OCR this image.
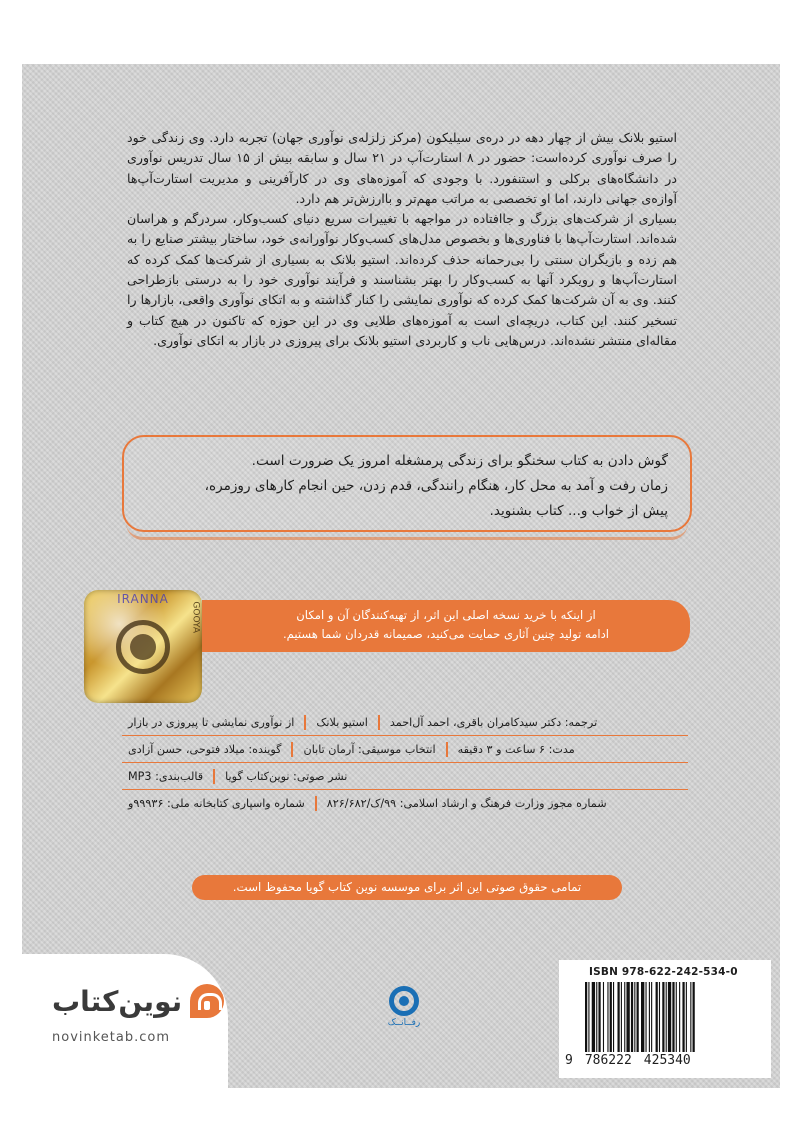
استیو بلانک بیش از چهار دهه در دره‌ی سیلیکون (مرکز زلزله‌ی نوآوری جهان) تجربه دارد. وی زندگی خود را صرف نوآوری کرده‌است: حضور در ۸ استارت‌آپ در ۲۱ سال و سابقه بیش از ۱۵ سال تدریس نوآوری در دانشگاه‌های برکلی و استنفورد. با وجودی که آموزه‌های وی در کارآفرینی و مدیریت استارت‌آپ‌ها آوازه‌ی جهانی دارند، اما او تخصصی به مراتب مهم‌تر و باارزش‌تر هم دارد.

بسیاری از شرکت‌های بزرگ و جاافتاده در مواجهه با تغییرات سریع دنیای کسب‌وکار، سردرگم و هراسان شده‌اند. استارت‌آپ‌ها با فناوری‌ها و بخصوص مدل‌های کسب‌وکار نوآورانه‌ی خود، ساختار بیشتر صنایع را به هم زده و بازیگران سنتی را بی‌رحمانه حذف کرده‌اند. استیو بلانک به بسیاری از شرکت‌ها کمک کرده که استارت‌آپ‌ها و رویکرد آنها به کسب‌وکار را بهتر بشناسند و فرآیند نوآوری خود را به درستی بازطراحی کنند. وی به آن شرکت‌ها کمک کرده که نوآوری نمایشی را کنار گذاشته و به اتکای نوآوری واقعی، بازارها را تسخیر کنند. این کتاب، دریچه‌ای است به آموزه‌های طلایی وی در این حوزه که تاکنون در هیچ کتاب و مقاله‌ای منتشر نشده‌اند. درس‌هایی ناب و کاربردی استیو بلانک برای پیروزی در بازار به اتکای نوآوری.

گوش دادن به کتاب سخنگو برای زندگی پرمشغله امروز یک ضرورت است.
زمان رفت و آمد به محل کار، هنگام رانندگی، قدم زدن، حین انجام کارهای روزمره،
پیش از خواب و... کتاب بشنوید.
IRANNA
GOOYA	از اینکه با خرید نسخه اصلی این اثر، از تهیه‌کنندگان آن و امکان
ادامه تولید چنین آثاری حمایت می‌کنید، صمیمانه قدردان شما هستیم.
از نوآوری نمایشی تا پیروزی در بازار	استیو بلانک	ترجمه: دکتر سیدکامران باقری، احمد آل‌احمد
گوینده: میلاد فتوحی، حسن آزادی	انتخاب موسیقی: آرمان تابان	مدت: ۶ ساعت و ۳ دقیقه
قالب‌بندی: MP3	نشر صوتی: نوین‌کتاب گویا
شماره واسپاری کتابخانه ملی: ۹۹۹۳۶و	شماره مجوز وزارت فرهنگ و ارشاد اسلامی: ۹۹/ک/۸۲۶/۶۸۲
تمامی حقوق صوتی این اثر برای موسسه نوین کتاب گویا محفوظ است.
نوین‌کتاب
novinketab.com
رفــانــک
ISBN 978-622-242-534-0
9 786222 425340
